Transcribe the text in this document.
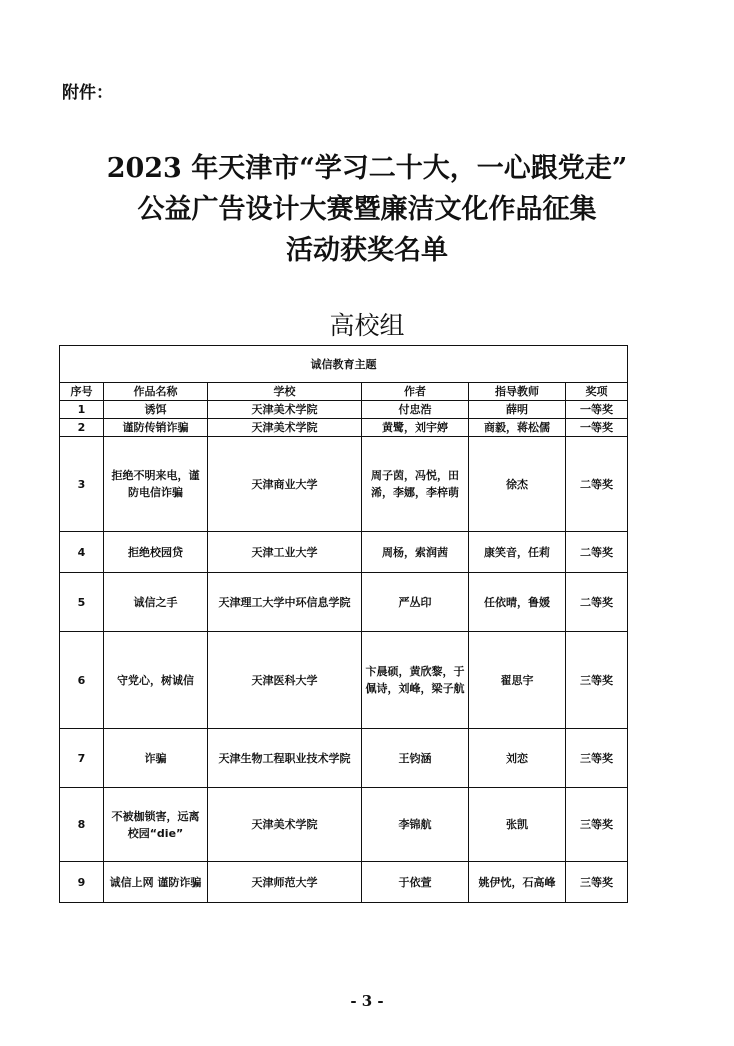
附件：
2023 年天津市“学习二十大，一心跟党走”
公益广告设计大赛暨廉洁文化作品征集
活动获奖名单
高校组
诚信教育主题					
序号	作品名称	学校	作者	指导教师	奖项
1	诱饵	天津美术学院	付忠浩	薛明	一等奖
2	谨防传销诈骗	天津美术学院	黄鹭，刘宇婷	商毅，蒋松儒	一等奖
3	拒绝不明来电，谨防电信诈骗	天津商业大学	周子茵，冯悦，田浠，李娜，李梓萌	徐杰	二等奖
4	拒绝校园贷	天津工业大学	周杨，索润茜	康笑音，任莉	二等奖
5	诚信之手	天津理工大学中环信息学院	严丛印	任依晴，鲁媛	二等奖
6	守党心，树诚信	天津医科大学	卞晨硕，黄欣黎，于佩诗，刘峰，梁子航	翟思宇	三等奖
7	诈骗	天津生物工程职业技术学院	王钧涵	刘恋	三等奖
8	不被枷锁害，远离校园“die”	天津美术学院	李锦航	张凯	三等奖
9	诚信上网 谨防诈骗	天津师范大学	于依萱	姚伊忱，石高峰	三等奖
- 3 -
